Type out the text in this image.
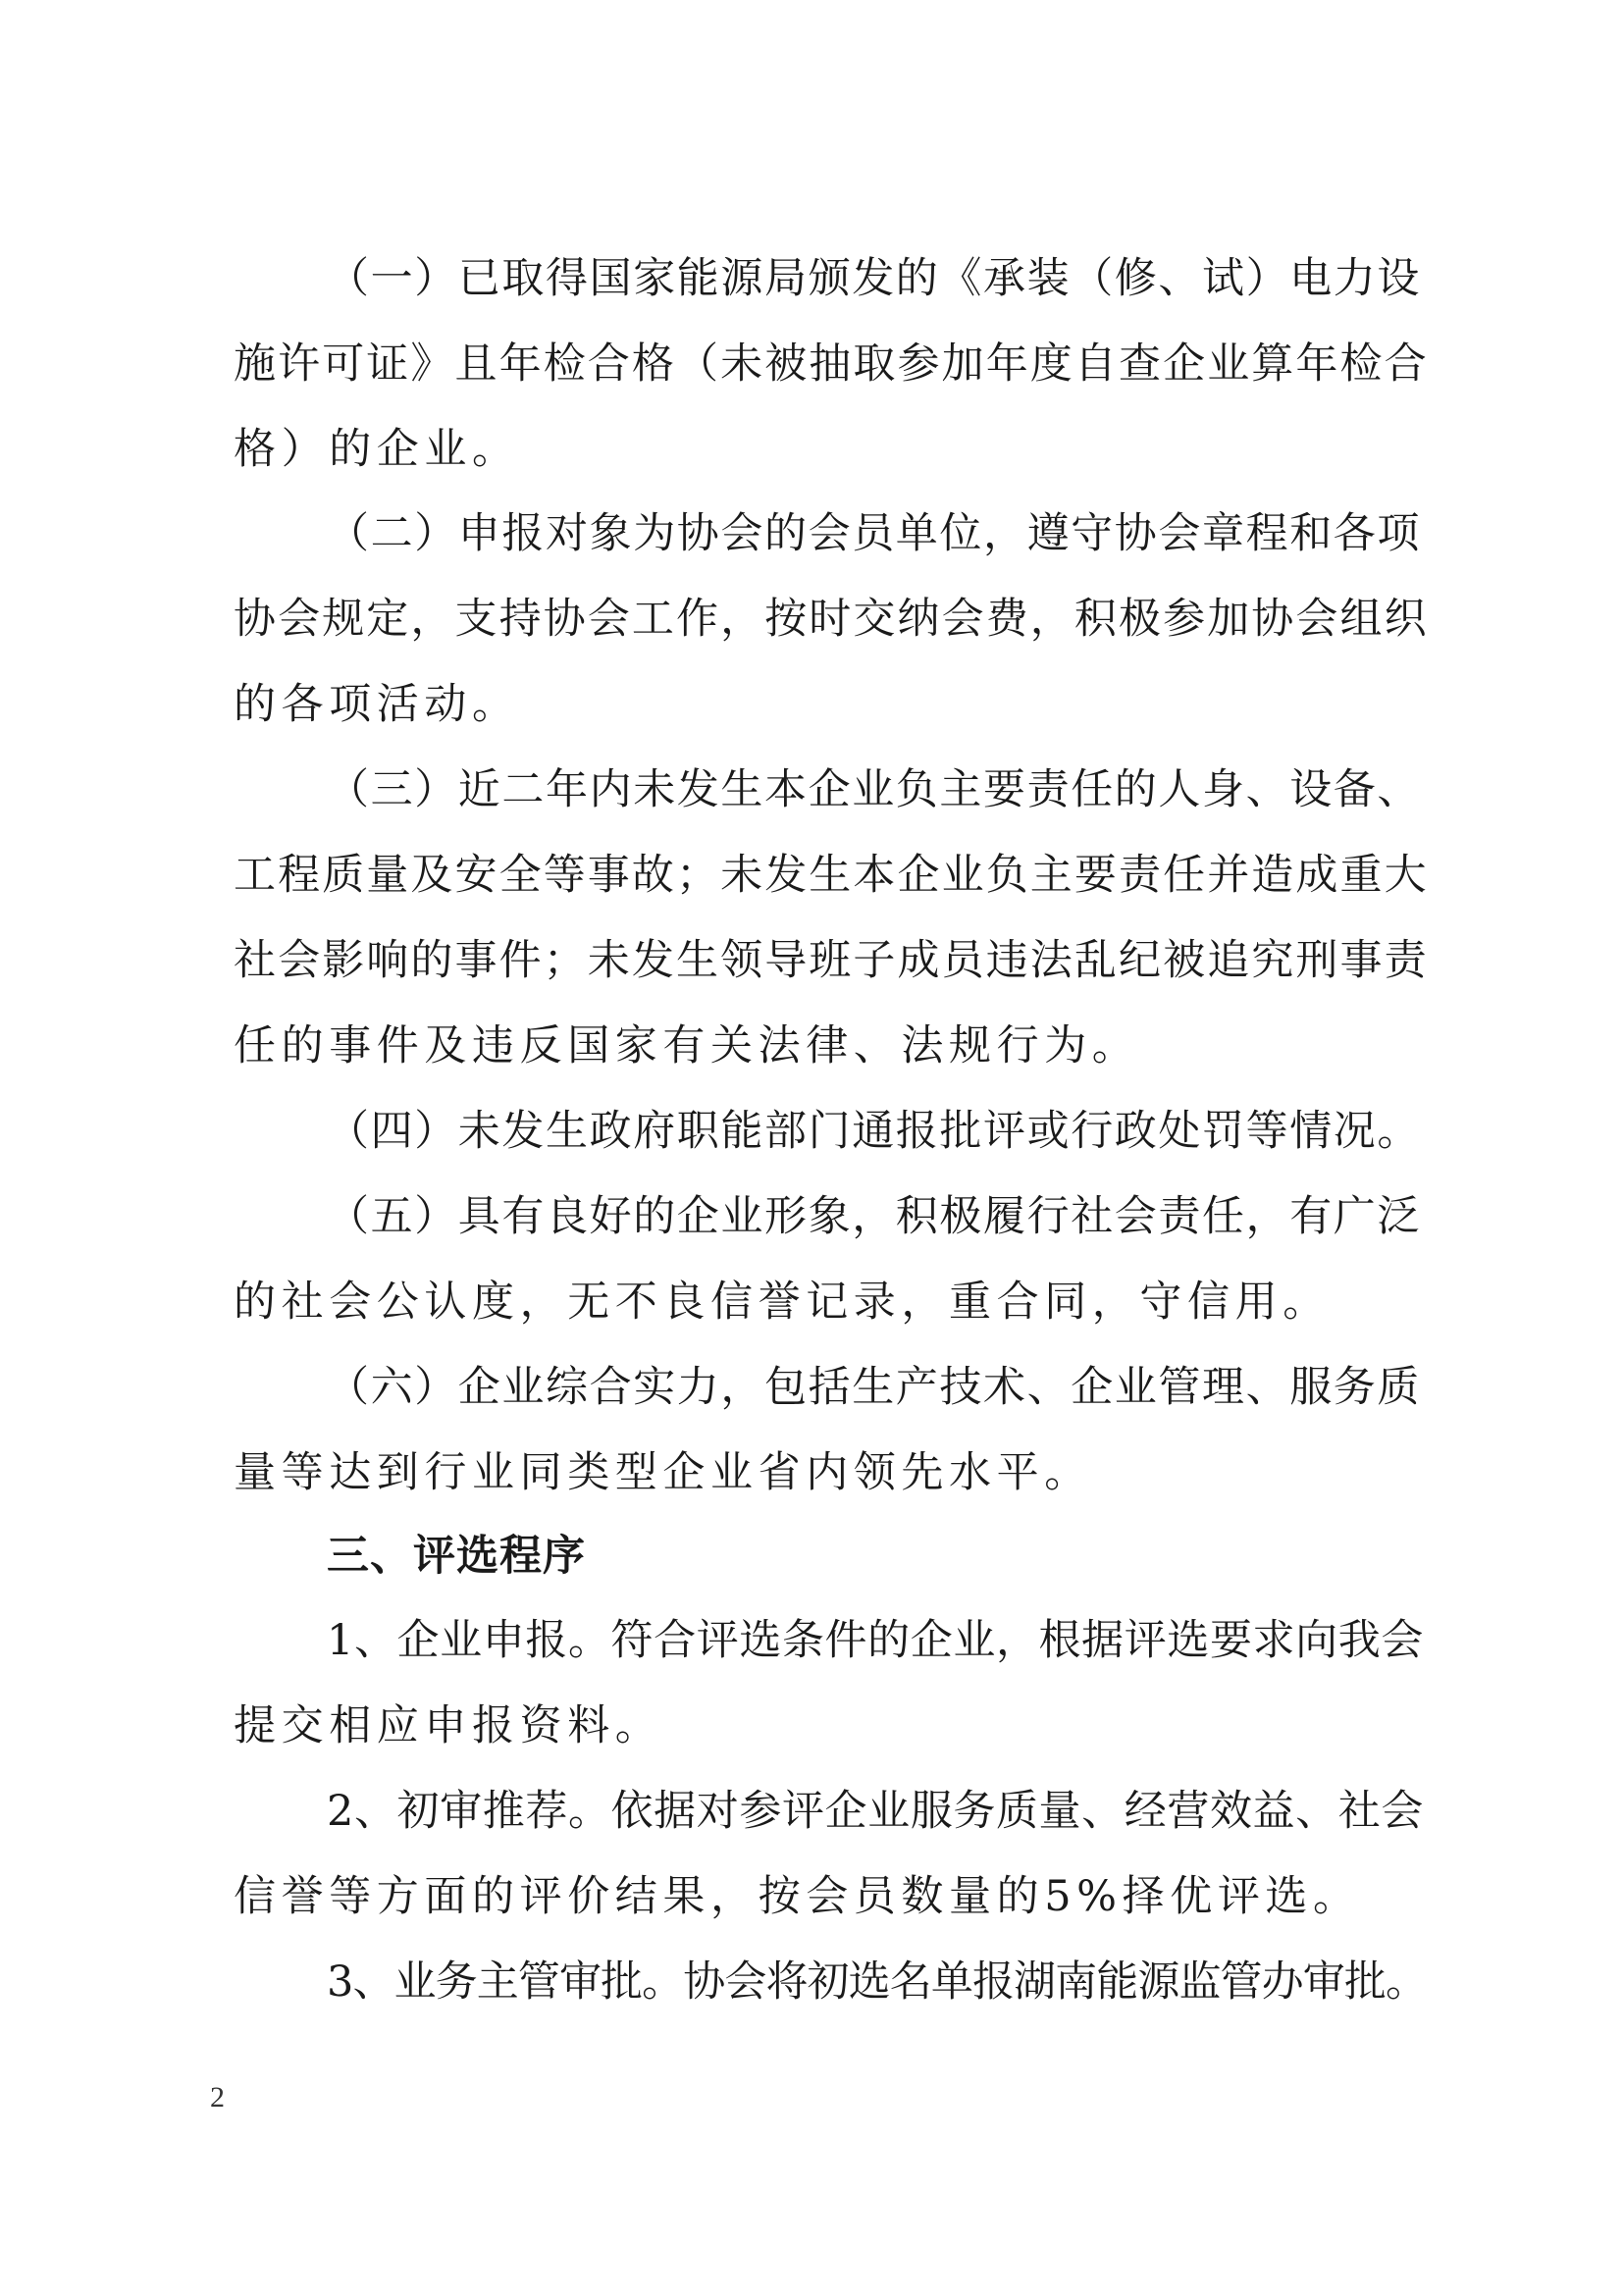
（一）已取得国家能源局颁发的《承装（修、试）电力设
施许可证》且年检合格（未被抽取参加年度自查企业算年检合
格）的企业。
（二）申报对象为协会的会员单位，遵守协会章程和各项
协会规定，支持协会工作，按时交纳会费，积极参加协会组织
的各项活动。
（三）近二年内未发生本企业负主要责任的人身、设备、
工程质量及安全等事故；未发生本企业负主要责任并造成重大
社会影响的事件；未发生领导班子成员违法乱纪被追究刑事责
任的事件及违反国家有关法律、法规行为。
（四）未发生政府职能部门通报批评或行政处罚等情况。
（五）具有良好的企业形象，积极履行社会责任，有广泛
的社会公认度，无不良信誉记录，重合同，守信用。
（六）企业综合实力，包括生产技术、企业管理、服务质
量等达到行业同类型企业省内领先水平。
三、评选程序
1、企业申报。符合评选条件的企业，根据评选要求向我会
提交相应申报资料。
2、初审推荐。依据对参评企业服务质量、经营效益、社会
信誉等方面的评价结果，按会员数量的5%择优评选。
3、业务主管审批。协会将初选名单报湖南能源监管办审批。
2
